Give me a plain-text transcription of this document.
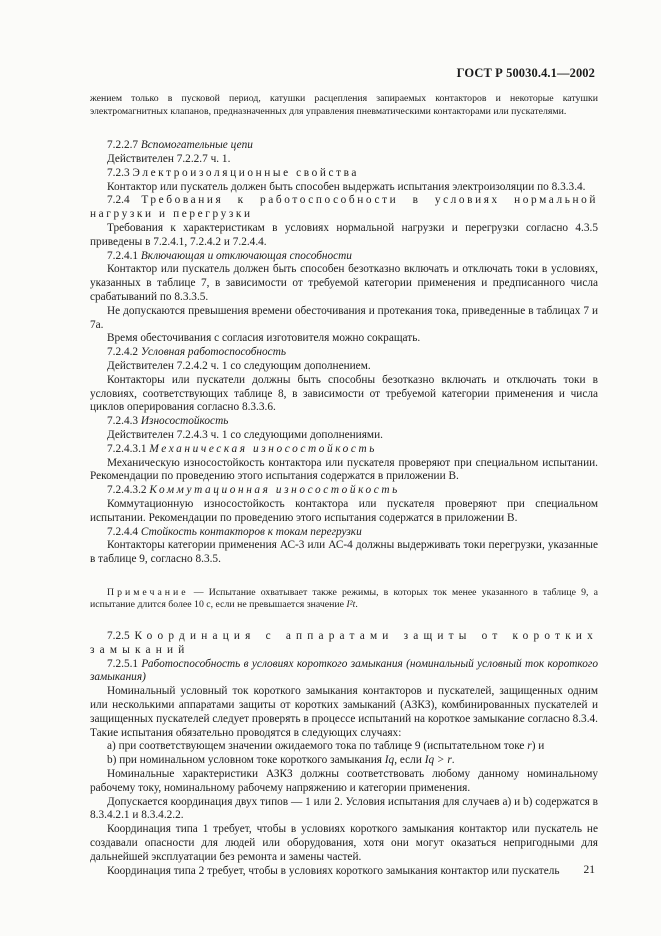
ГОСТ Р 50030.4.1—2002

жением только в пусковой период, катушки расцепления запираемых контакторов и некоторые катушки электромагнитных клапанов, предназначенных для управления пневматическими контакторами или пускателями.

7.2.2.7 Вспомогательные цепи

Действителен 7.2.2.7 ч. 1.

7.2.3 Электроизоляционные свойства

Контактор или пускатель должен быть способен выдержать испытания электроизоляции по 8.3.3.4.

7.2.4 Требования к работоспособности в условиях нормальной нагрузки и перегрузки

Требования к характеристикам в условиях нормальной нагрузки и перегрузки согласно 4.3.5 приведены в 7.2.4.1, 7.2.4.2 и 7.2.4.4.

7.2.4.1 Включающая и отключающая способности

Контактор или пускатель должен быть способен безотказно включать и отключать токи в условиях, указанных в таблице 7, в зависимости от требуемой категории применения и предписанного числа срабатываний по 8.3.3.5.

Не допускаются превышения времени обесточивания и протекания тока, приведенные в таблицах 7 и 7а.

Время обесточивания с согласия изготовителя можно сокращать.

7.2.4.2 Условная работоспособность

Действителен 7.2.4.2 ч. 1 со следующим дополнением.

Контакторы или пускатели должны быть способны безотказно включать и отключать токи в условиях, соответствующих таблице 8, в зависимости от требуемой категории применения и числа циклов оперирования согласно 8.3.3.6.

7.2.4.3 Износостойкость

Действителен 7.2.4.3 ч. 1 со следующими дополнениями.

7.2.4.3.1 Механическая износостойкость

Механическую износостойкость контактора или пускателя проверяют при специальном испытании. Рекомендации по проведению этого испытания содержатся в приложении В.

7.2.4.3.2 Коммутационная износостойкость

Коммутационную износостойкость контактора или пускателя проверяют при специальном испытании. Рекомендации по проведению этого испытания содержатся в приложении В.

7.2.4.4 Стойкость контакторов к токам перегрузки

Контакторы категории применения АС-3 или АС-4 должны выдерживать токи перегрузки, указанные в таблице 9, согласно 8.3.5.

Примечание — Испытание охватывает также режимы, в которых ток менее указанного в таблице 9, а испытание длится более 10 с, если не превышается значение I²t.

7.2.5 Координация с аппаратами защиты от коротких замыканий

7.2.5.1 Работоспособность в условиях короткого замыкания (номинальный условный ток короткого замыкания)

Номинальный условный ток короткого замыкания контакторов и пускателей, защищенных одним или несколькими аппаратами защиты от коротких замыканий (АЗКЗ), комбинированных пускателей и защищенных пускателей следует проверять в процессе испытаний на короткое замыкание согласно 8.3.4. Такие испытания обязательно проводятся в следующих случаях:

a) при соответствующем значении ожидаемого тока по таблице 9 (испытательном токе r) и

b) при номинальном условном токе короткого замыкания Iq, если Iq > r.

Номинальные характеристики АЗКЗ должны соответствовать любому данному номинальному рабочему току, номинальному рабочему напряжению и категории применения.

Допускается координация двух типов — 1 или 2. Условия испытания для случаев а) и b) содержатся в 8.3.4.2.1 и 8.3.4.2.2.

Координация типа 1 требует, чтобы в условиях короткого замыкания контактор или пускатель не создавали опасности для людей или оборудования, хотя они могут оказаться непригодными для дальнейшей эксплуатации без ремонта и замены частей.

Координация типа 2 требует, чтобы в условиях короткого замыкания контактор или пускатель	21
